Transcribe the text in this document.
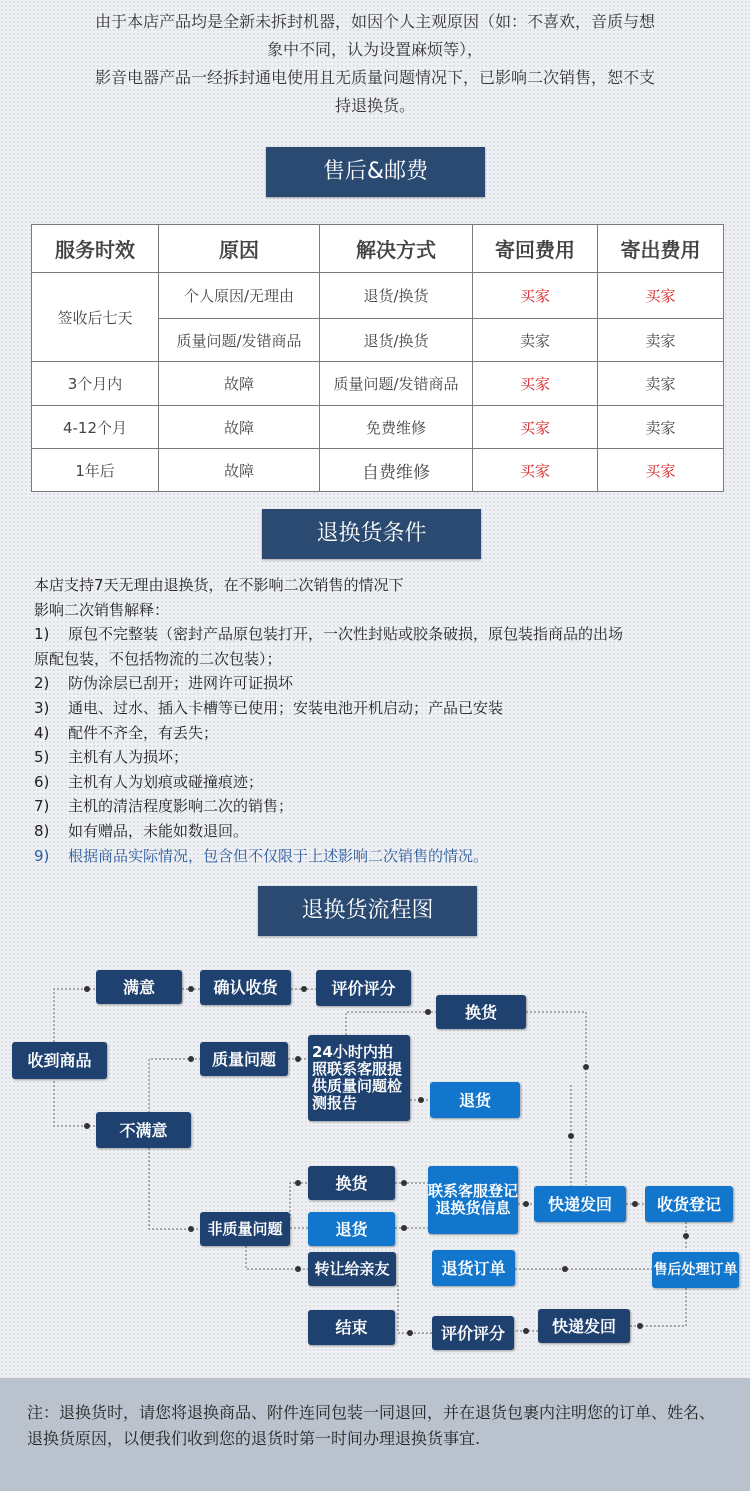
由于本店产品均是全新未拆封机器，如因个人主观原因（如：不喜欢，音质与想

象中不同，认为设置麻烦等），

影音电器产品一经拆封通电使用且无质量问题情况下，已影响二次销售，恕不支

持退换货。

售后&邮费
服务时效	原因	解决方式	寄回费用	寄出费用
签收后七天	个人原因/无理由	退货/换货	买家	买家
	质量问题/发错商品	退货/换货	卖家	卖家
3个月内	故障	质量问题/发错商品	买家	卖家
4-12个月	故障	免费维修	买家	卖家
1年后	故障	自费维修	买家	买家
退换货条件
本店支持7天无理由退换货，在不影响二次销售的情况下
影响二次销售解释：
1) 原包不完整装（密封产品原包装打开，一次性封贴或胶条破损，原包装指商品的出场
原配包装，不包括物流的二次包装）；
2) 防伪涂层已刮开；进网许可证损坏
3) 通电、过水、插入卡槽等已使用；安装电池开机启动；产品已安装
4) 配件不齐全，有丢失；
5) 主机有人为损坏；
6) 主机有人为划痕或碰撞痕迹；
7) 主机的清洁程度影响二次的销售；
8) 如有赠品，未能如数退回。
9) 根据商品实际情况，包含但不仅限于上述影响二次销售的情况。
退换货流程图
收到商品
满意	确认收货	评价评分
换货
质量问题	24小时内拍照联系客服提供质量问题检测报告	退货
不满意
换货	联系客服登记退换货信息	快递发回	收货登记
非质量问题	退货
转让给亲友	退货订单	售后处理订单
结束	评价评分	快递发回

注：退换货时，请您将退换商品、附件连同包装一同退回，并在退货包裹内注明您的订单、姓名、退换货原因，以便我们收到您的退货时第一时间办理退换货事宜.
